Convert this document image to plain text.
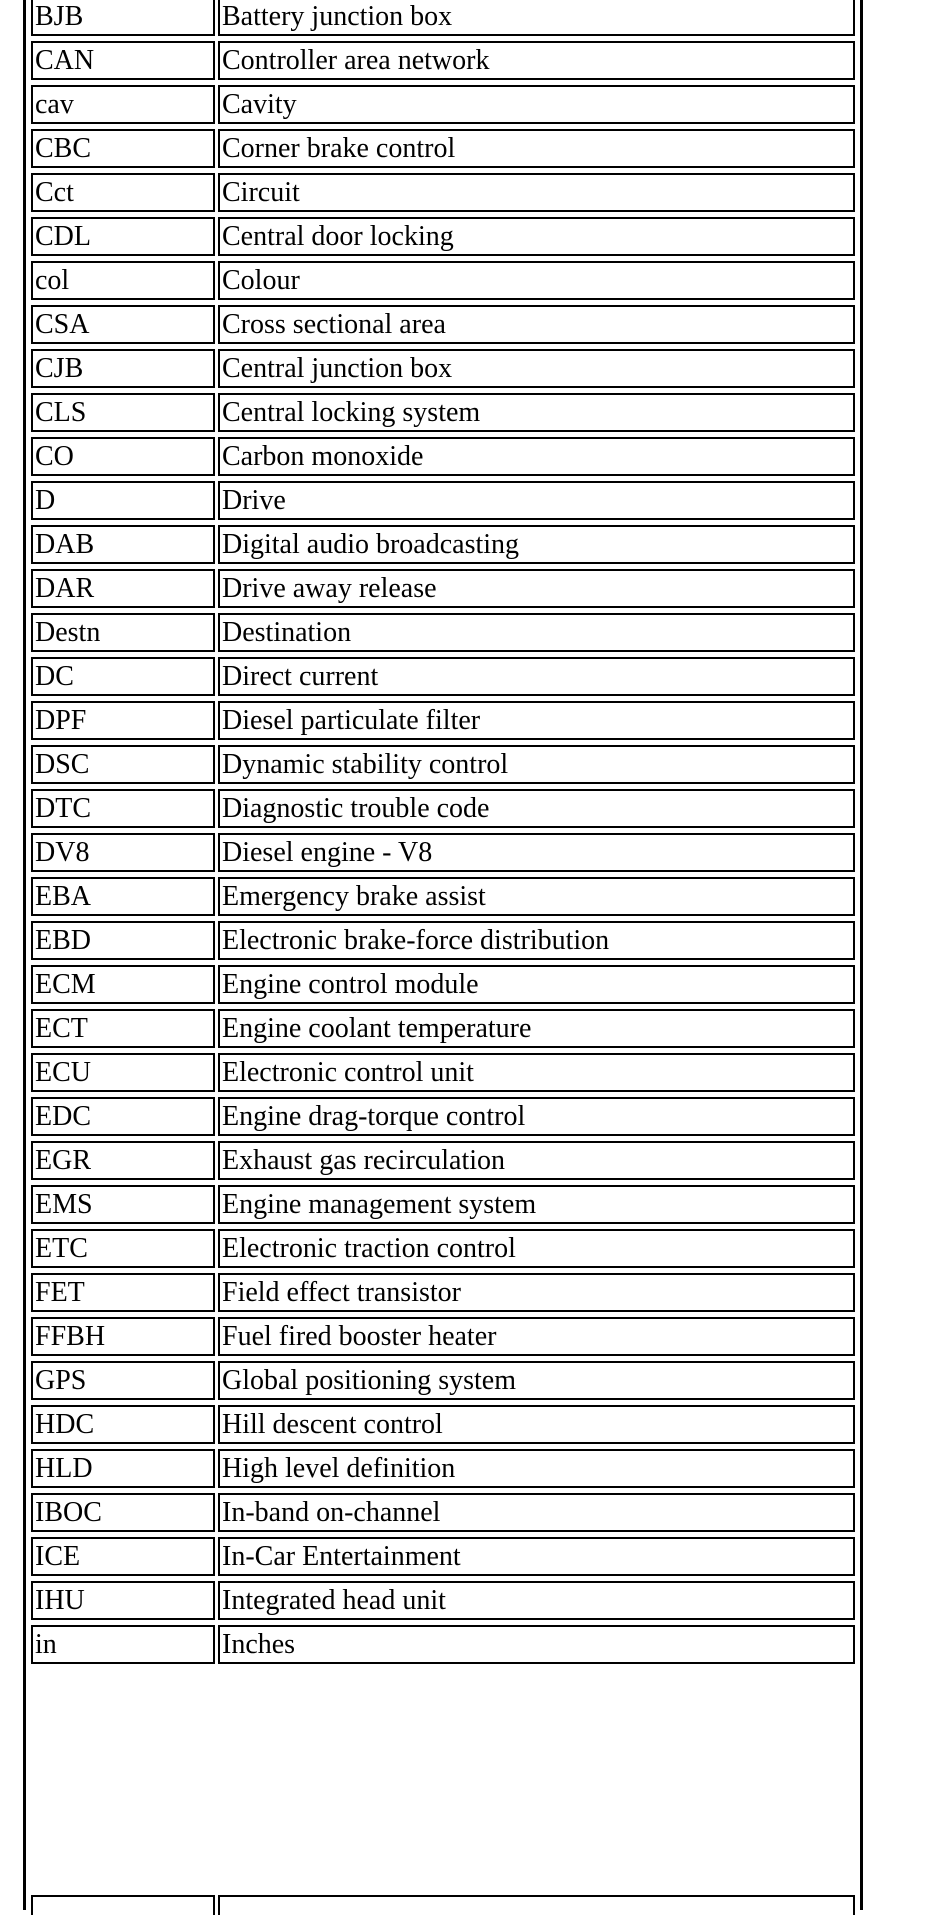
BJB	Battery junction box
CAN	Controller area network
cav	Cavity
CBC	Corner brake control
Cct	Circuit
CDL	Central door locking
col	Colour
CSA	Cross sectional area
CJB	Central junction box
CLS	Central locking system
CO	Carbon monoxide
D	Drive
DAB	Digital audio broadcasting
DAR	Drive away release
Destn	Destination
DC	Direct current
DPF	Diesel particulate filter
DSC	Dynamic stability control
DTC	Diagnostic trouble code
DV8	Diesel engine - V8
EBA	Emergency brake assist
EBD	Electronic brake-force distribution
ECM	Engine control module
ECT	Engine coolant temperature
ECU	Electronic control unit
EDC	Engine drag-torque control
EGR	Exhaust gas recirculation
EMS	Engine management system
ETC	Electronic traction control
FET	Field effect transistor
FFBH	Fuel fired booster heater
GPS	Global positioning system
HDC	Hill descent control
HLD	High level definition
IBOC	In-band on-channel
ICE	In-Car Entertainment
IHU	Integrated head unit
in	Inches
